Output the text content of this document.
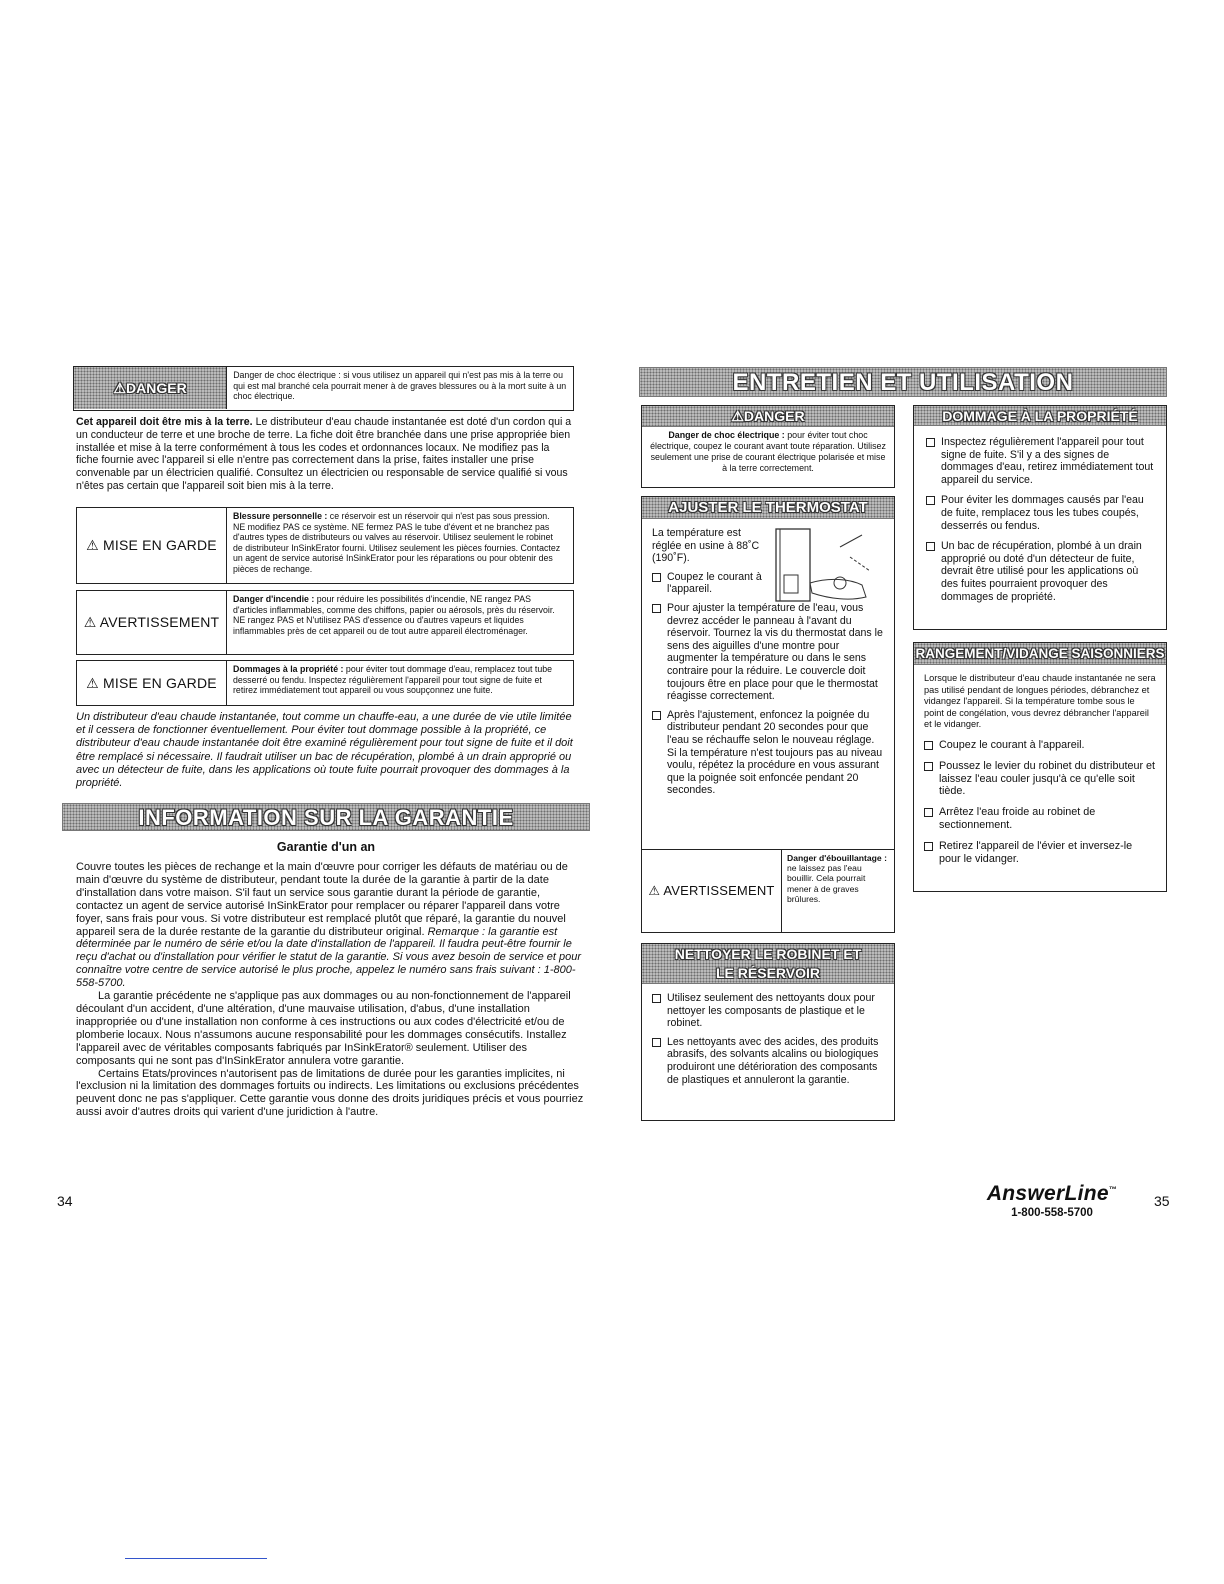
⚠DANGER
Danger de choc électrique : si vous utilisez un appareil qui n'est pas mis à la terre ou qui est mal branché cela pourrait mener à de graves blessures ou à la mort suite à un choc électrique.
Cet appareil doit être mis à la terre. Le distributeur d'eau chaude instantanée est doté d'un cordon qui a un conducteur de terre et une broche de terre. La fiche doit être branchée dans une prise appropriée bien installée et mise à la terre conformément à tous les codes et ordonnances locaux. Ne modifiez pas la fiche fournie avec l'appareil si elle n'entre pas correctement dans la prise, faites installer une prise convenable par un électricien qualifié. Consultez un électricien ou responsable de service qualifié si vous n'êtes pas certain que l'appareil soit bien mis à la terre.
⚠ MISE EN GARDE
Blessure personnelle : ce réservoir est un réservoir qui n'est pas sous pression. NE modifiez PAS ce système. NE fermez PAS le tube d'évent et ne branchez pas d'autres types de distributeurs ou valves au réservoir. Utilisez seulement le robinet de distributeur InSinkErator fourni. Utilisez seulement les pièces fournies. Contactez un agent de service autorisé InSinkErator pour les réparations ou pour obtenir des pièces de rechange.
⚠ AVERTISSEMENT
Danger d'incendie : pour réduire les possibilités d'incendie, NE rangez PAS d'articles inflammables, comme des chiffons, papier ou aérosols, près du réservoir. NE rangez PAS et N'utilisez PAS d'essence ou d'autres vapeurs et liquides inflammables près de cet appareil ou de tout autre appareil électroménager.
⚠ MISE EN GARDE
Dommages à la propriété : pour éviter tout dommage d'eau, remplacez tout tube desserré ou fendu. Inspectez régulièrement l'appareil pour tout signe de fuite et retirez immédiatement tout appareil ou vous soupçonnez une fuite.
Un distributeur d'eau chaude instantanée, tout comme un chauffe-eau, a une durée de vie utile limitée et il cessera de fonctionner éventuellement. Pour éviter tout dommage possible à la propriété, ce distributeur d'eau chaude instantanée doit être examiné régulièrement pour tout signe de fuite et il doit être remplacé si nécessaire. Il faudrait utiliser un bac de récupération, plombé à un drain approprié ou avec un détecteur de fuite, dans les applications où toute fuite pourrait provoquer des dommages à la propriété.
INFORMATION SUR LA GARANTIE
Garantie d'un an

Couvre toutes les pièces de rechange et la main d'œuvre pour corriger les défauts de matériau ou de main d'œuvre du système de distributeur, pendant toute la durée de la garantie à partir de la date d'installation dans votre maison. S'il faut un service sous garantie durant la période de garantie, contactez un agent de service autorisé InSinkErator pour remplacer ou réparer l'appareil dans votre foyer, sans frais pour vous. Si votre distributeur est remplacé plutôt que réparé, la garantie du nouvel appareil sera de la durée restante de la garantie du distributeur original. Remarque : la garantie est déterminée par le numéro de série et/ou la date d'installation de l'appareil. Il faudra peut-être fournir le reçu d'achat ou d'installation pour vérifier le statut de la garantie. Si vous avez besoin de service et pour connaître votre centre de service autorisé le plus proche, appelez le numéro sans frais suivant : 1-800-558-5700.

La garantie précédente ne s'applique pas aux dommages ou au non-fonctionnement de l'appareil découlant d'un accident, d'une altération, d'une mauvaise utilisation, d'abus, d'une installation inappropriée ou d'une installation non conforme à ces instructions ou aux codes d'électricité et/ou de plomberie locaux. Nous n'assumons aucune responsabilité pour les dommages consécutifs. Installez l'appareil avec de véritables composants fabriqués par InSinkErator® seulement. Utiliser des composants qui ne sont pas d'InSinkErator annulera votre garantie.

Certains Etats/provinces n'autorisent pas de limitations de durée pour les garanties implicites, ni l'exclusion ni la limitation des dommages fortuits ou indirects. Les limitations ou exclusions précédentes peuvent donc ne pas s'appliquer. Cette garantie vous donne des droits juridiques précis et vous pourriez aussi avoir d'autres droits qui varient d'une juridiction à l'autre.

34
ENTRETIEN ET UTILISATION
⚠DANGER
Danger de choc électrique : pour éviter tout choc électrique, coupez le courant avant toute réparation. Utilisez seulement une prise de courant électrique polarisée et mise à la terre correctement.
AJUSTER LE THERMOSTAT
La température est réglée en usine à 88˚C (190˚F).
Coupez le courant à l'appareil.
Pour ajuster la température de l'eau, vous devrez accéder le panneau à l'avant du réservoir. Tournez la vis du thermostat dans le sens des aiguilles d'une montre pour augmenter la température ou dans le sens contraire pour la réduire. Le couvercle doit toujours être en place pour que le thermostat réagisse correctement.
Après l'ajustement, enfoncez la poignée du distributeur pendant 20 secondes pour que l'eau se réchauffe selon le nouveau réglage. Si la température n'est toujours pas au niveau voulu, répétez la procédure en vous assurant que la poignée soit enfoncée pendant 20 secondes.
⚠ AVERTISSEMENT
Danger d'ébouillantage : ne laissez pas l'eau bouillir. Cela pourrait mener à de graves brûlures.
NETTOYER LE ROBINET ET
LE RÉSERVOIR
Utilisez seulement des nettoyants doux pour nettoyer les composants de plastique et le robinet.
Les nettoyants avec des acides, des produits abrasifs, des solvants alcalins ou biologiques produiront une détérioration des composants de plastiques et annuleront la garantie.
DOMMAGE À LA PROPRIÉTÉ
Inspectez régulièrement l'appareil pour tout signe de fuite. S'il y a des signes de dommages d'eau, retirez immédiatement tout appareil du service.
Pour éviter les dommages causés par l'eau de fuite, remplacez tous les tubes coupés, desserrés ou fendus.
Un bac de récupération, plombé à un drain approprié ou doté d'un détecteur de fuite, devrait être utilisé pour les applications où des fuites pourraient provoquer des dommages de propriété.
RANGEMENT/VIDANGE SAISONNIERS
Lorsque le distributeur d'eau chaude instantanée ne sera pas utilisé pendant de longues périodes, débranchez et vidangez l'appareil. Si la température tombe sous le point de congélation, vous devrez débrancher l'appareil et le vidanger.
Coupez le courant à l'appareil.
Poussez le levier du robinet du distributeur et laissez l'eau couler jusqu'à ce qu'elle soit tiède.
Arrêtez l'eau froide au robinet de sectionnement.
Retirez l'appareil de l'évier et inversez-le pour le vidanger.
AnswerLine™
1-800-558-5700
35
